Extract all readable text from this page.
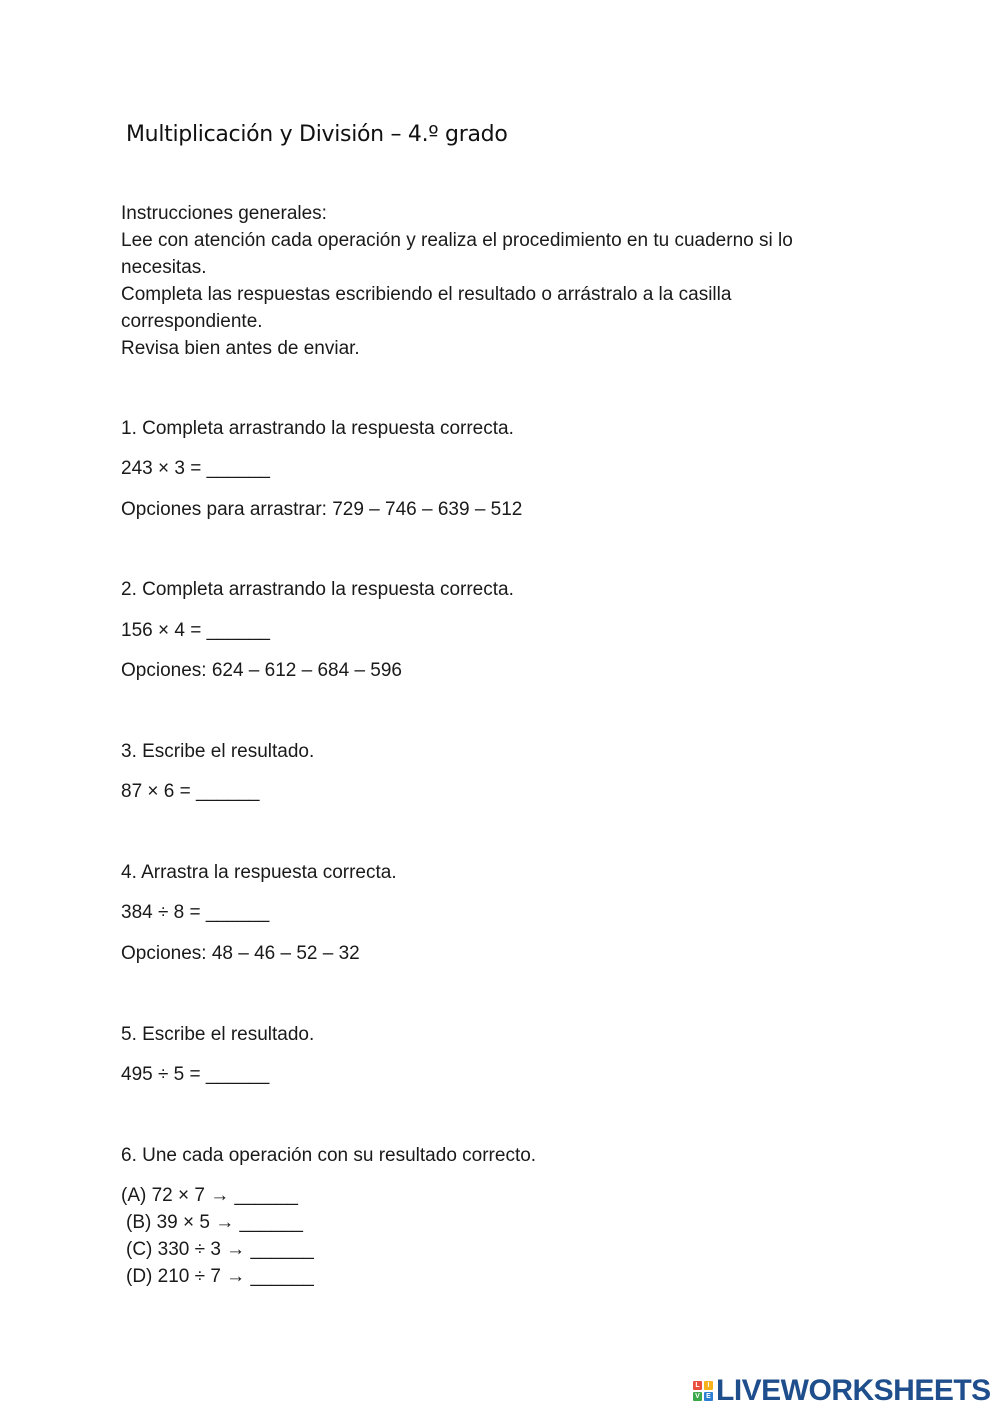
Multiplicación y División – 4.º grado
Instrucciones generales:
Lee con atención cada operación y realiza el procedimiento en tu cuaderno si lo
necesitas.
Completa las respuestas escribiendo el resultado o arrástralo a la casilla
correspondiente.
Revisa bien antes de enviar.
1. Completa arrastrando la respuesta correcta.
243 × 3 = ______
Opciones para arrastrar: 729 – 746 – 639 – 512
2. Completa arrastrando la respuesta correcta.
156 × 4 = ______
Opciones: 624 – 612 – 684 – 596
3. Escribe el resultado.
87 × 6 = ______
4. Arrastra la respuesta correcta.
384 ÷ 8 = ______
Opciones: 48 – 46 – 52 – 32
5. Escribe el resultado.
495 ÷ 5 = ______
6. Une cada operación con su resultado correcto.
(A) 72 × 7 → ______
(B) 39 × 5 → ______
(C) 330 ÷ 3 → ______
(D) 210 ÷ 7 → ______
L	I
V E LIVEWORKSHEETS
